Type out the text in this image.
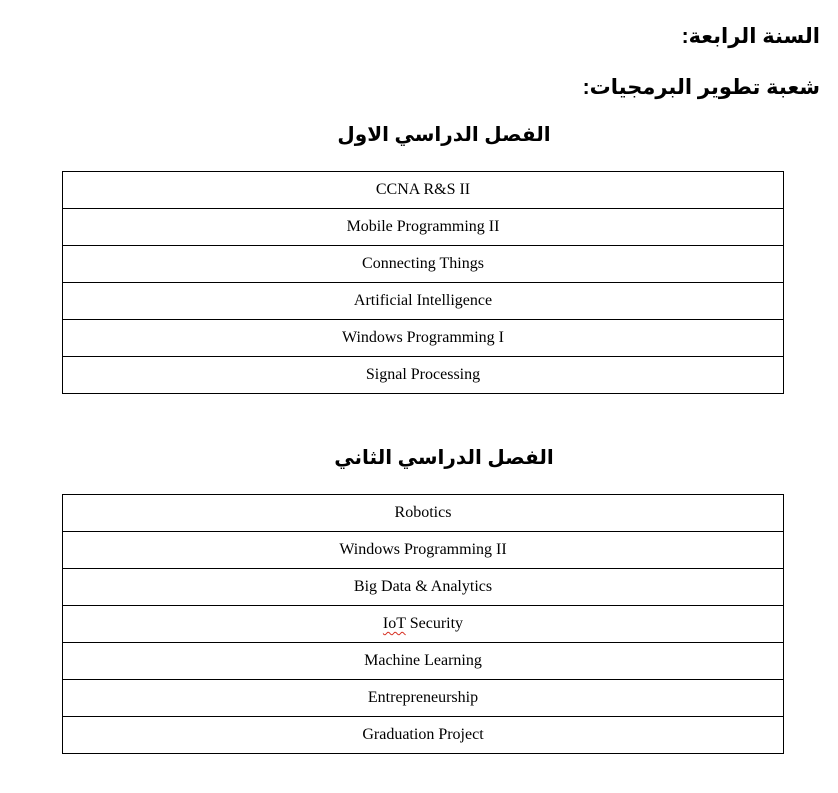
السنة الرابعة:
شعبة تطوير البرمجيات:
الفصل الدراسي الاول
CCNA R&S II
Mobile Programming II
Connecting Things
Artificial Intelligence
Windows Programming I
Signal Processing
الفصل الدراسي الثاني
Robotics
Windows Programming II
Big Data & Analytics
IoT Security
Machine Learning
Entrepreneurship
Graduation Project
